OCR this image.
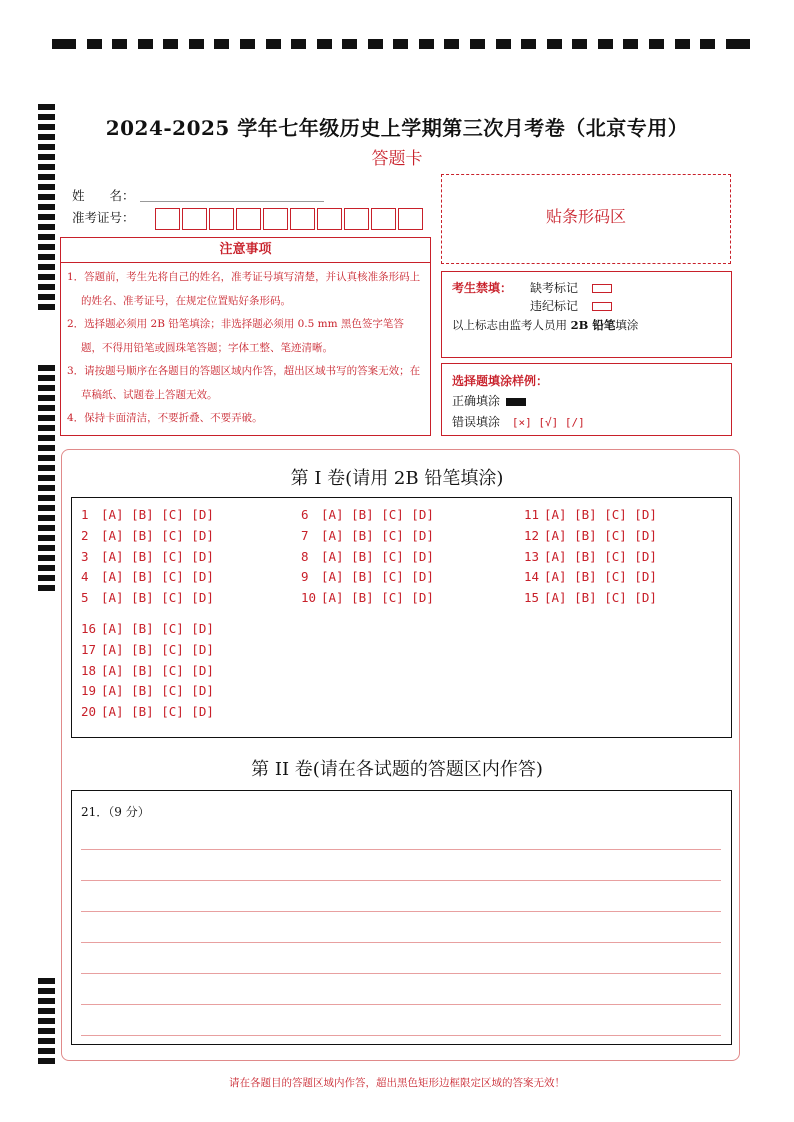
2024-2025 学年七年级历史上学期第三次月考卷（北京专用）
答题卡
姓　　名：
准考证号：	贴条形码区
注意事项

1．答题前，考生先将自己的姓名，准考证号填写清楚，并认真核准条形码上的姓名、准考证号，在规定位置贴好条形码。

2．选择题必须用 2B 铅笔填涂；非选择题必须用 0.5 mm 黑色签字笔答题，不得用铅笔或圆珠笔答题；字体工整、笔迹清晰。

3．请按题号顺序在各题目的答题区域内作答，超出区域书写的答案无效；在草稿纸、试题卷上答题无效。

4．保持卡面清洁，不要折叠、不要弄破。

考生禁填： 缺考标记
违纪标记
以上标志由监考人员用 2B 铅笔填涂
选择题填涂样例：
正确填涂
错误填涂 [×] [√] [/]
第 I 卷(请用 2B 铅笔填涂)
1 [A] [B] [C] [D]
2 [A] [B] [C] [D]
3 [A] [B] [C] [D]
4 [A] [B] [C] [D]
5 [A] [B] [C] [D]
6 [A] [B] [C] [D]
7 [A] [B] [C] [D]
8 [A] [B] [C] [D]
9 [A] [B] [C] [D]
10 [A] [B] [C] [D]
11 [A] [B] [C] [D]
12 [A] [B] [C] [D]
13 [A] [B] [C] [D]
14 [A] [B] [C] [D]
15 [A] [B] [C] [D]
16 [A] [B] [C] [D]
17 [A] [B] [C] [D]
18 [A] [B] [C] [D]
19 [A] [B] [C] [D]
20 [A] [B] [C] [D]
第 II 卷(请在各试题的答题区内作答)
21．（9 分）
请在各题目的答题区域内作答，超出黑色矩形边框限定区域的答案无效！
